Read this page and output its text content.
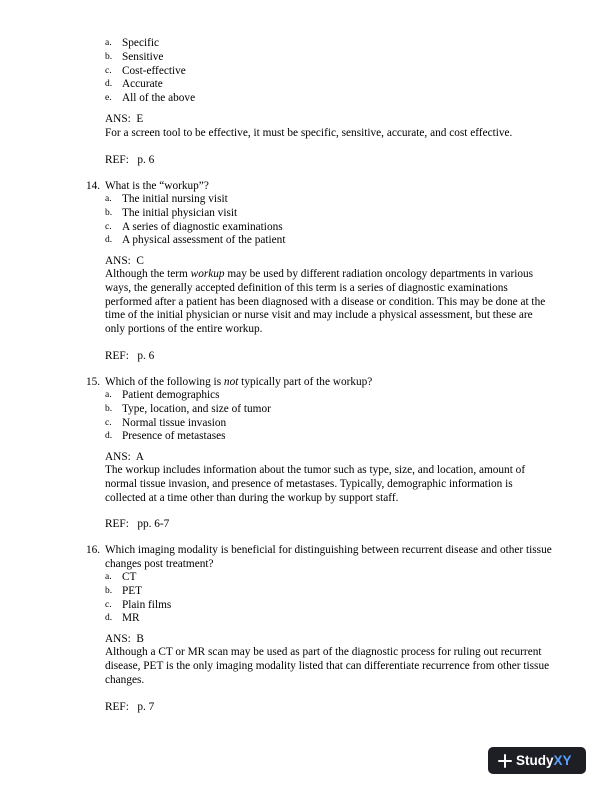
a. Specific
b. Sensitive
c. Cost-effective
d. Accurate
e. All of the above
ANS:  E
For a screen tool to be effective, it must be specific, sensitive, accurate, and cost effective.
REF:   p. 6
14. What is the “workup”?
a. The initial nursing visit
b. The initial physician visit
c. A series of diagnostic examinations
d. A physical assessment of the patient
ANS:  C
Although the term workup may be used by different radiation oncology departments in various ways, the generally accepted definition of this term is a series of diagnostic examinations performed after a patient has been diagnosed with a disease or condition. This may be done at the time of the initial physician or nurse visit and may include a physical assessment, but these are only portions of the entire workup.
REF:   p. 6
15. Which of the following is not typically part of the workup?
a. Patient demographics
b. Type, location, and size of tumor
c. Normal tissue invasion
d. Presence of metastases
ANS:  A
The workup includes information about the tumor such as type, size, and location, amount of normal tissue invasion, and presence of metastases. Typically, demographic information is collected at a time other than during the workup by support staff.
REF:   pp. 6-7
16. Which imaging modality is beneficial for distinguishing between recurrent disease and other tissue changes post treatment?
a. CT
b. PET
c. Plain films
d. MR
ANS:  B
Although a CT or MR scan may be used as part of the diagnostic process for ruling out recurrent disease, PET is the only imaging modality listed that can differentiate recurrence from other tissue changes.
REF:   p. 7
Study XY
